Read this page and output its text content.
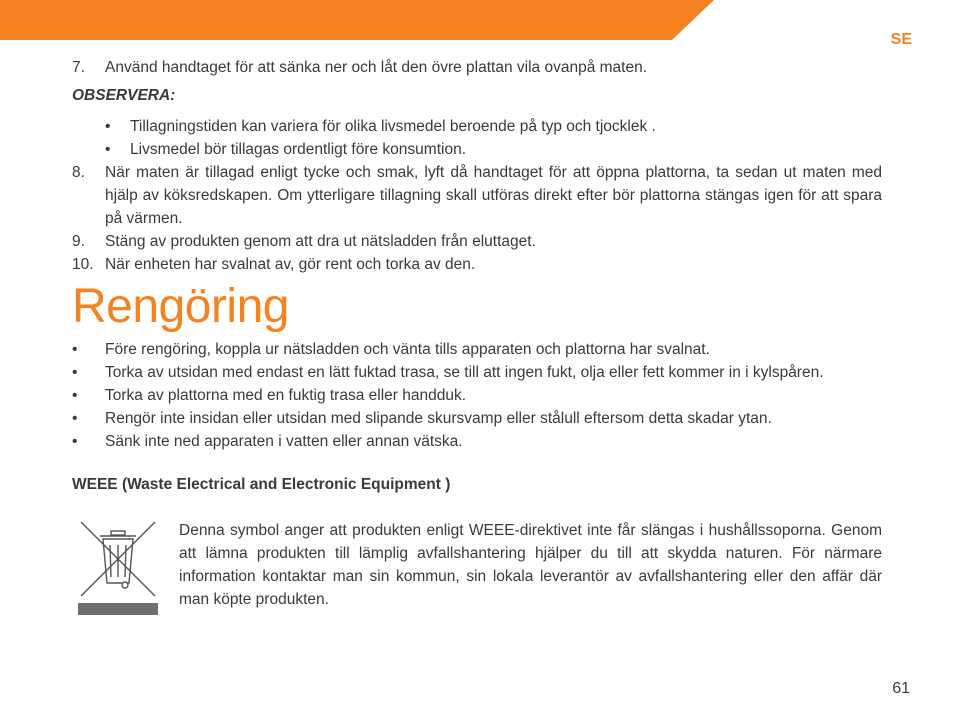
SE
7. Använd handtaget för att sänka ner och låt den övre plattan vila ovanpå maten.
OBSERVERA:
• Tillagningstiden kan variera för olika livsmedel beroende på typ och tjocklek .
• Livsmedel bör tillagas ordentligt före konsumtion.
8. När maten är tillagad enligt tycke och smak, lyft då handtaget för att öppna plattorna, ta sedan ut maten med hjälp av köksredskapen. Om ytterligare tillagning skall utföras direkt efter bör plattorna stängas igen för att spara på värmen.
9. Stäng av produkten genom att dra ut nätsladden från eluttaget.
10. När enheten har svalnat av, gör rent och torka av den.
Rengöring
• Före rengöring, koppla ur nätsladden och vänta tills apparaten och plattorna har svalnat.
• Torka av utsidan med endast en lätt fuktad trasa, se till att ingen fukt, olja eller fett kommer in i kylspåren.
• Torka av plattorna med en fuktig trasa eller handduk.
• Rengör inte insidan eller utsidan med slipande skursvamp eller stålull eftersom detta skadar ytan.
• Sänk inte ned apparaten i vatten eller annan vätska.
WEEE (Waste Electrical and Electronic Equipment )
Denna symbol anger att produkten enligt WEEE-direktivet inte får slängas i hushållssoporna. Genom att lämna produkten till lämplig avfallshantering hjälper du till att skydda naturen. För närmare information kontaktar man sin kommun, sin lokala leverantör av avfallshantering eller den affär där man köpte produkten.
61
